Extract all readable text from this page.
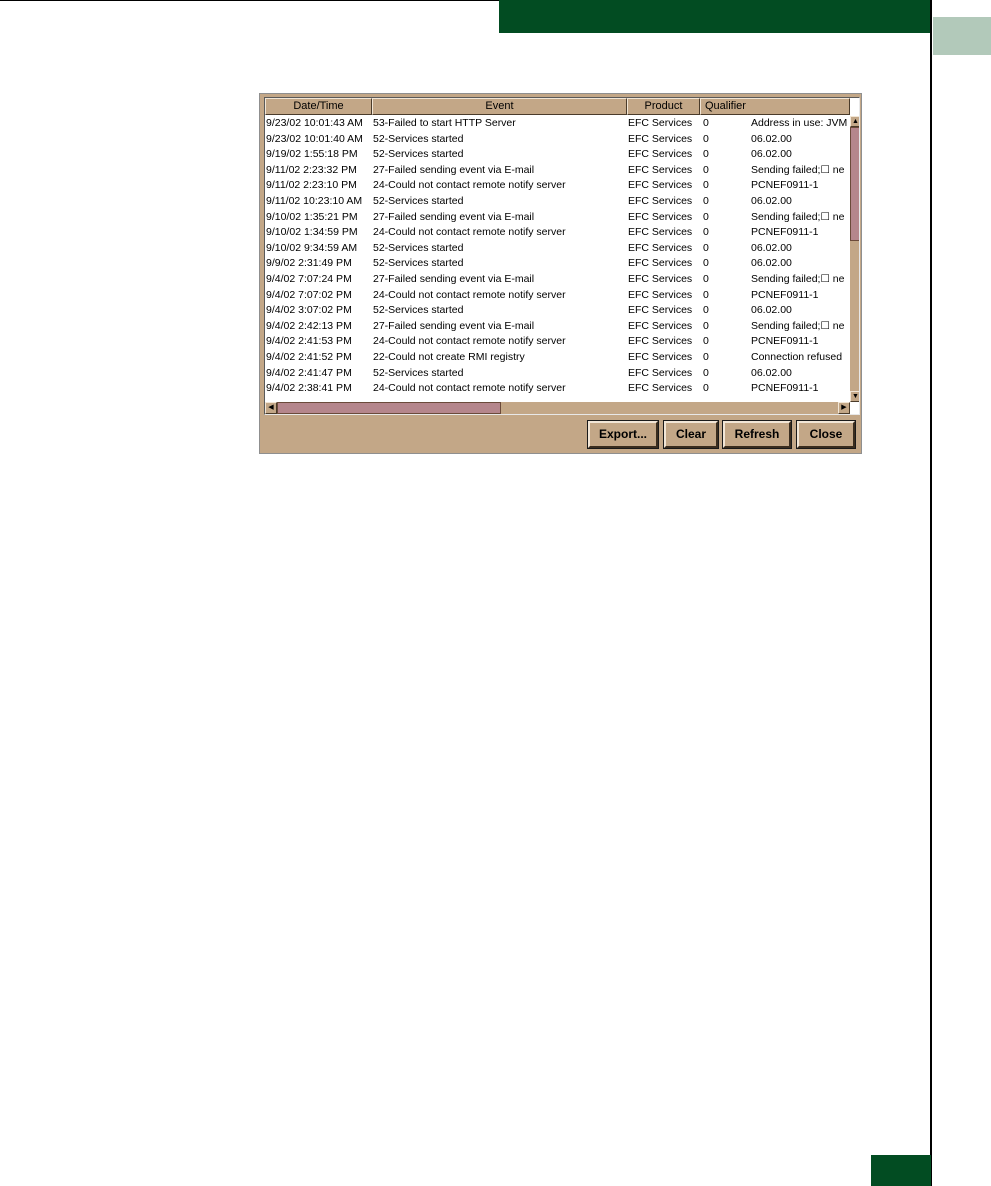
Date/Time	Event	Product	Qualifier
9/23/02 10:01:43 AM 53-Failed to start HTTP Server	EFC Services	0	Address in use: JVM
9/23/02 10:01:40 AM 52-Services started	EFC Services	0	06.02.00
9/19/02 1:55:18 PM	52-Services started	EFC Services	0	06.02.00
9/11/02 2:23:32 PM	27-Failed sending event via E-mail	EFC Services	0	Sending failed;☐ ne
9/11/02 2:23:10 PM	24-Could not contact remote notify server	EFC Services	0	PCNEF0911-1
9/11/02 10:23:10 AM	52-Services started	EFC Services	0	06.02.00
9/10/02 1:35:21 PM	27-Failed sending event via E-mail	EFC Services	0	Sending failed;☐ ne
9/10/02 1:34:59 PM	24-Could not contact remote notify server	EFC Services	0	PCNEF0911-1
9/10/02 9:34:59 AM	52-Services started	EFC Services	0	06.02.00
9/9/02 2:31:49 PM	52-Services started	EFC Services	0	06.02.00
9/4/02 7:07:24 PM	27-Failed sending event via E-mail	EFC Services	0	Sending failed;☐ ne
9/4/02 7:07:02 PM	24-Could not contact remote notify server	EFC Services	0	PCNEF0911-1
9/4/02 3:07:02 PM	52-Services started	EFC Services	0	06.02.00
9/4/02 2:42:13 PM	27-Failed sending event via E-mail	EFC Services	0	Sending failed;☐ ne
9/4/02 2:41:53 PM	24-Could not contact remote notify server	EFC Services	0	PCNEF0911-1
9/4/02 2:41:52 PM	22-Could not create RMI registry	EFC Services	0	Connection refused
9/4/02 2:41:47 PM	52-Services started	EFC Services	0	06.02.00
9/4/02 2:38:41 PM	24-Could not contact remote notify server	EFC Services	0	PCNEF0911-1
▲
▼
◀	▶
Export...	Clear	Refresh	Close
